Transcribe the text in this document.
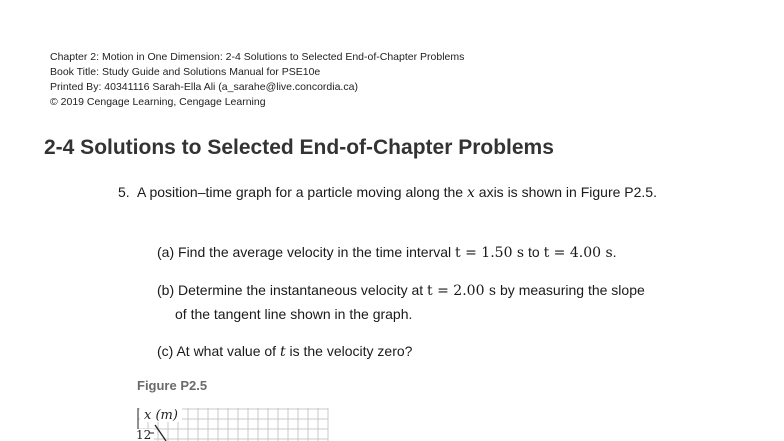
Chapter 2: Motion in One Dimension: 2-4 Solutions to Selected End-of-Chapter Problems
Book Title: Study Guide and Solutions Manual for PSE10e
Printed By: 40341116 Sarah-Ella Ali (a_sarahe@live.concordia.ca)
© 2019 Cengage Learning, Cengage Learning
2-4 Solutions to Selected End-of-Chapter Problems
5. A position–time graph for a particle moving along the x axis is shown in Figure P2.5.
(a) Find the average velocity in the time interval t = 1.50 s to t = 4.00 s.
(b) Determine the instantaneous velocity at t = 2.00 s by measuring the slope
of the tangent line shown in the graph.
(c) At what value of t is the velocity zero?
Figure P2.5
x (m)
12
